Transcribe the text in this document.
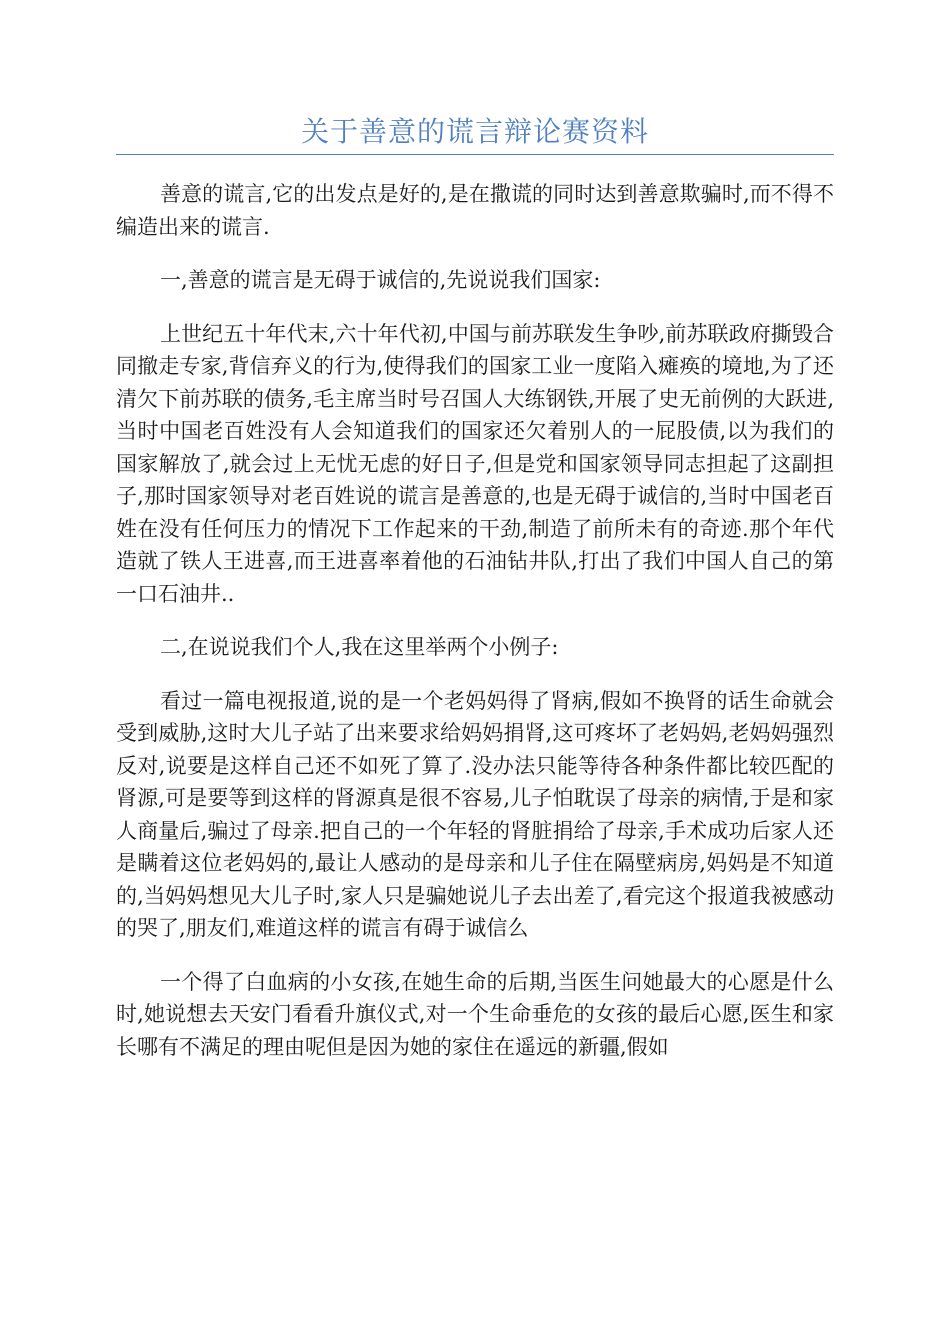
关于善意的谎言辩论赛资料

善意的谎言,它的出发点是好的,是在撒谎的同时达到善意欺骗时,而不得不编造出来的谎言.

一,善意的谎言是无碍于诚信的,先说说我们国家:

上世纪五十年代末,六十年代初,中国与前苏联发生争吵,前苏联政府撕毁合同撤走专家,背信弃义的行为,使得我们的国家工业一度陷入瘫痪的境地,为了还清欠下前苏联的债务,毛主席当时号召国人大练钢铁,开展了史无前例的大跃进,当时中国老百姓没有人会知道我们的国家还欠着别人的一屁股债,以为我们的国家解放了,就会过上无忧无虑的好日子,但是党和国家领导同志担起了这副担子,那时国家领导对老百姓说的谎言是善意的,也是无碍于诚信的,当时中国老百姓在没有任何压力的情况下工作起来的干劲,制造了前所未有的奇迹.那个年代造就了铁人王进喜,而王进喜率着他的石油钻井队,打出了我们中国人自己的第一口石油井..

二,在说说我们个人,我在这里举两个小例子:

看过一篇电视报道,说的是一个老妈妈得了肾病,假如不换肾的话生命就会受到威胁,这时大儿子站了出来要求给妈妈捐肾,这可疼坏了老妈妈,老妈妈强烈反对,说要是这样自己还不如死了算了.没办法只能等待各种条件都比较匹配的肾源,可是要等到这样的肾源真是很不容易,儿子怕耽误了母亲的病情,于是和家人商量后,骗过了母亲.把自己的一个年轻的肾脏捐给了母亲,手术成功后家人还是瞒着这位老妈妈的,最让人感动的是母亲和儿子住在隔壁病房,妈妈是不知道的,当妈妈想见大儿子时,家人只是骗她说儿子去出差了,看完这个报道我被感动的哭了,朋友们,难道这样的谎言有碍于诚信么

一个得了白血病的小女孩,在她生命的后期,当医生问她最大的心愿是什么时,她说想去天安门看看升旗仪式,对一个生命垂危的女孩的最后心愿,医生和家长哪有不满足的理由呢但是因为她的家住在遥远的新疆,假如
